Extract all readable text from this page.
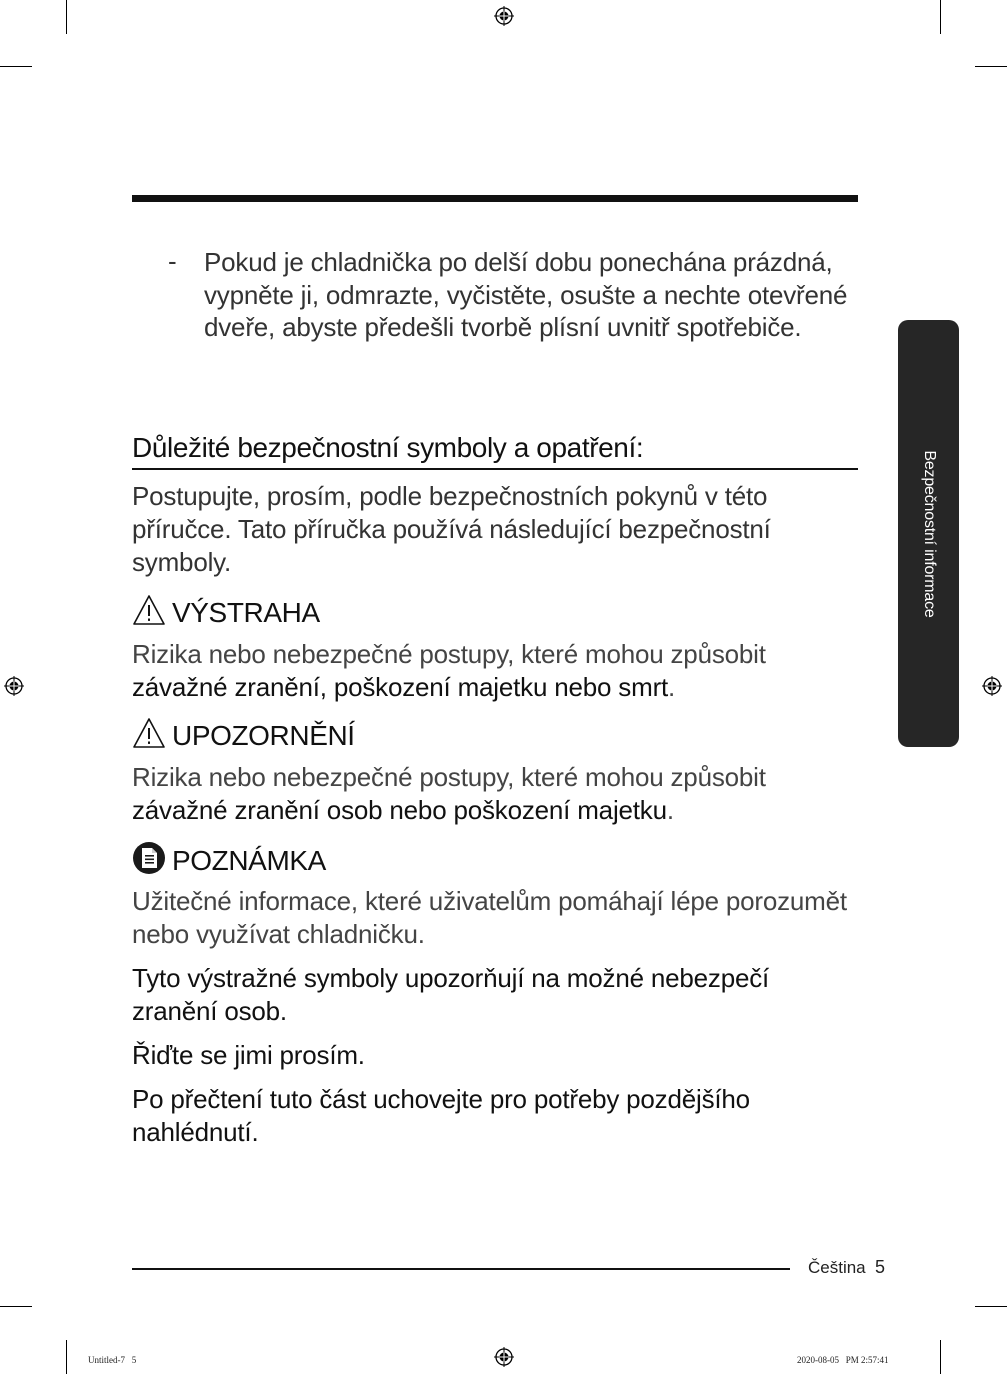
- Pokud je chladnička po delší dobu ponechána prázdná, vypněte ji, odmrazte, vyčistěte, osušte a nechte otevřené dveře, abyste předešli tvorbě plísní uvnitř spotřebiče.
Důležité bezpečnostní symboly a opatření:
Postupujte, prosím, podle bezpečnostních pokynů v této příručce. Tato příručka používá následující bezpečnostní symboly.
VÝSTRAHA
Rizika nebo nebezpečné postupy, které mohou způsobit závažné zranění, poškození majetku nebo smrt.
UPOZORNĚNÍ
Rizika nebo nebezpečné postupy, které mohou způsobit závažné zranění osob nebo poškození majetku.
POZNÁMKA
Užitečné informace, které uživatelům pomáhají lépe porozumět nebo využívat chladničku.
Tyto výstražné symboly upozorňují na možné nebezpečí zranění osob.
Řiďte se jimi prosím.
Po přečtení tuto část uchovejte pro potřeby pozdějšího nahlédnutí.
Bezpečnostní informace
Čeština 5
Untitled-7   5	2020-08-05   PM 2:57:41
